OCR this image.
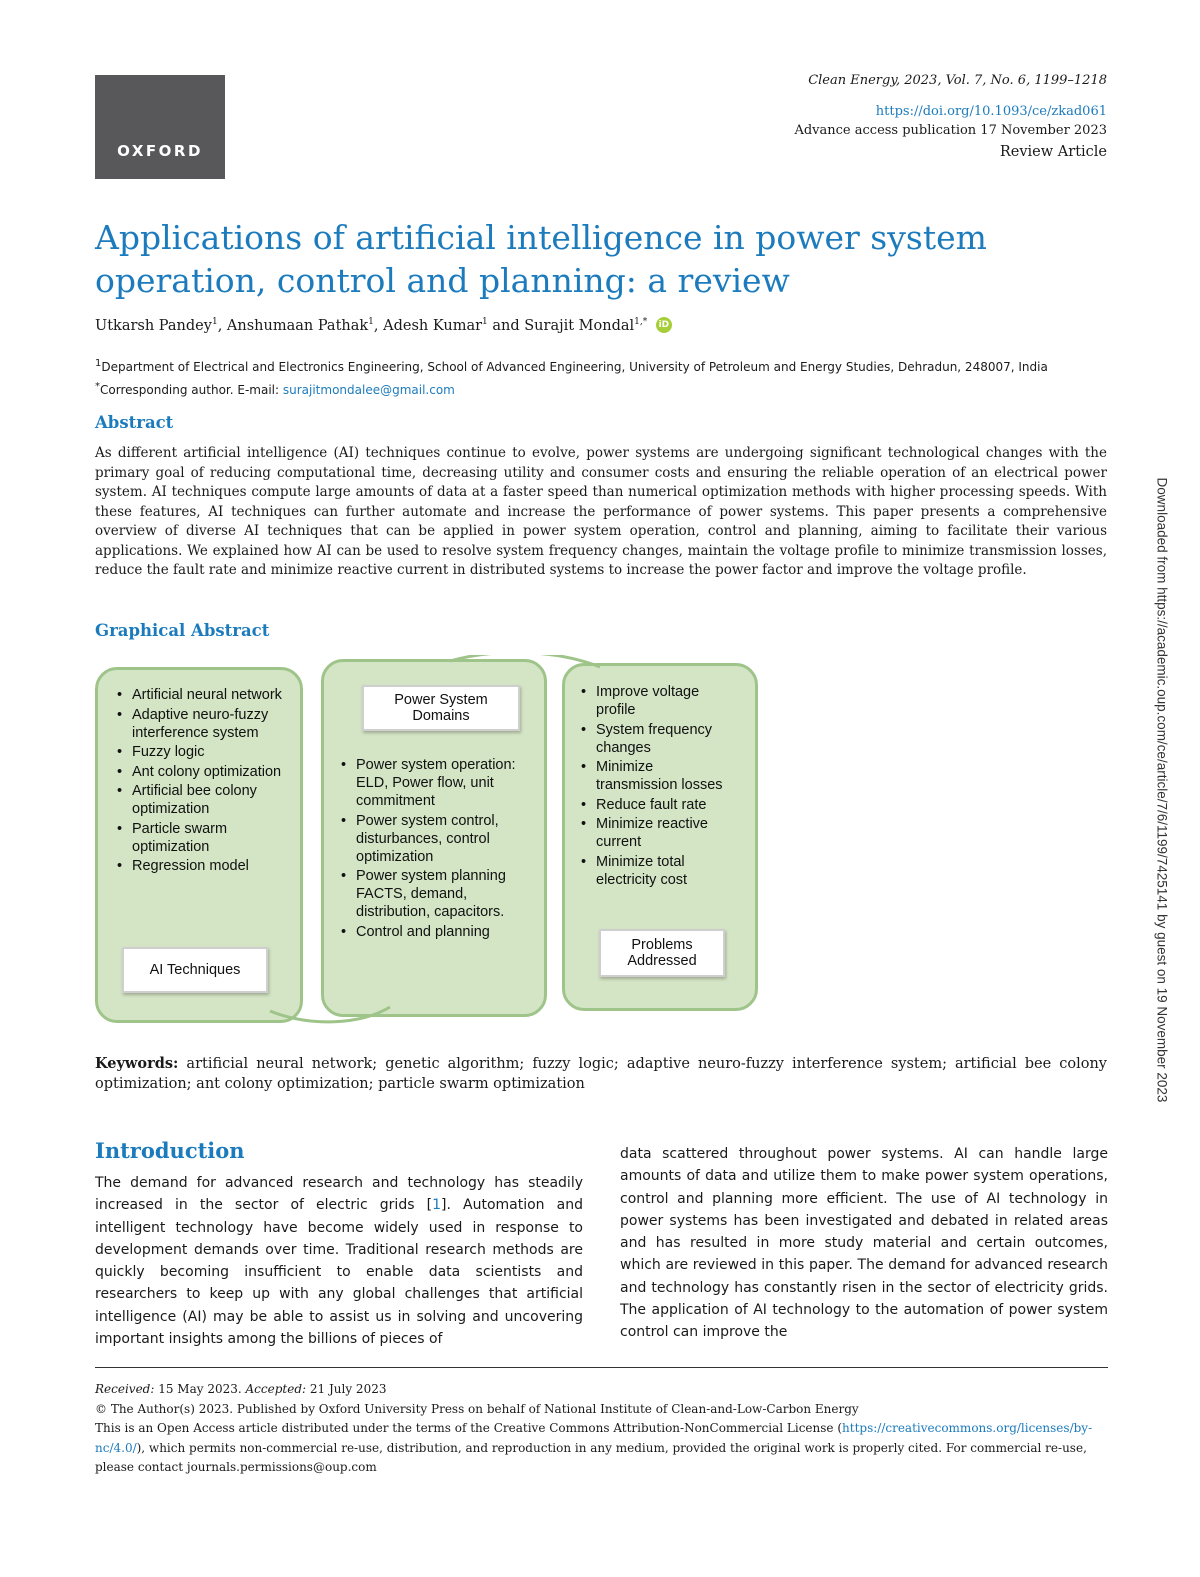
OXFORD
Clean Energy, 2023, Vol. 7, No. 6, 1199–1218
https://doi.org/10.1093/ce/zkad061
Advance access publication 17 November 2023
Review Article
Applications of artificial intelligence in power system operation, control and planning: a review
Utkarsh Pandey$^1$, Anshumaan Pathak$^1$, Adesh Kumar$^1$ and Surajit Mondal$^{1,*}$ iD
$^1$Department of Electrical and Electronics Engineering, School of Advanced Engineering, University of Petroleum and Energy Studies, Dehradun, 248007, India
*Corresponding author. E-mail: surajitmondalee@gmail.com
Abstract
As different artificial intelligence (AI) techniques continue to evolve, power systems are undergoing significant technological changes with the primary goal of reducing computational time, decreasing utility and consumer costs and ensuring the reliable operation of an electrical power system. AI techniques compute large amounts of data at a faster speed than numerical optimization methods with higher processing speeds. With these features, AI techniques can further automate and increase the performance of power systems. This paper presents a comprehensive overview of diverse AI techniques that can be applied in power system operation, control and planning, aiming to facilitate their various applications. We explained how AI can be used to resolve system frequency changes, maintain the voltage profile to minimize transmission losses, reduce the fault rate and minimize reactive current in distributed systems to increase the power factor and improve the voltage profile.
Graphical Abstract
• Artificial neural network
• Adaptive neuro-fuzzy interference system
• Fuzzy logic
• Ant colony optimization
• Artificial bee colony optimization
• Particle swarm optimization
• Regression model
AI Techniques
Power System Domains
• Power system operation: ELD, Power flow, unit commitment
• Power system control, disturbances, control optimization
• Power system planning FACTS, demand, distribution, capacitors.
• Control and planning
• Improve voltage profile
• System frequency changes
• Minimize transmission losses
• Reduce fault rate
• Minimize reactive current
• Minimize total electricity cost
Problems Addressed
Keywords: artificial neural network; genetic algorithm; fuzzy logic; adaptive neuro-fuzzy interference system; artificial bee colony optimization; ant colony optimization; particle swarm optimization
Introduction
The demand for advanced research and technology has steadily increased in the sector of electric grids [1]. Automation and intelligent technology have become widely used in response to development demands over time. Traditional research methods are quickly becoming insufficient to enable data scientists and researchers to keep up with any global challenges that artificial intelligence (AI) may be able to assist us in solving and uncovering important insights among the billions of pieces of
data scattered throughout power systems. AI can handle large amounts of data and utilize them to make power system operations, control and planning more efficient. The use of AI technology in power systems has been investigated and debated in related areas and has resulted in more study material and certain outcomes, which are reviewed in this paper. The demand for advanced research and technology has constantly risen in the sector of electricity grids. The application of AI technology to the automation of power system control can improve the
Received: 15 May 2023. Accepted: 21 July 2023
© The Author(s) 2023. Published by Oxford University Press on behalf of National Institute of Clean-and-Low-Carbon Energy
This is an Open Access article distributed under the terms of the Creative Commons Attribution-NonCommercial License (https://creativecommons.org/licenses/by-nc/4.0/), which permits non-commercial re-use, distribution, and reproduction in any medium, provided the original work is properly cited. For commercial re-use, please contact journals.permissions@oup.com
Downloaded from https://academic.oup.com/ce/article/7/6/1199/7425141 by guest on 19 November 2023
